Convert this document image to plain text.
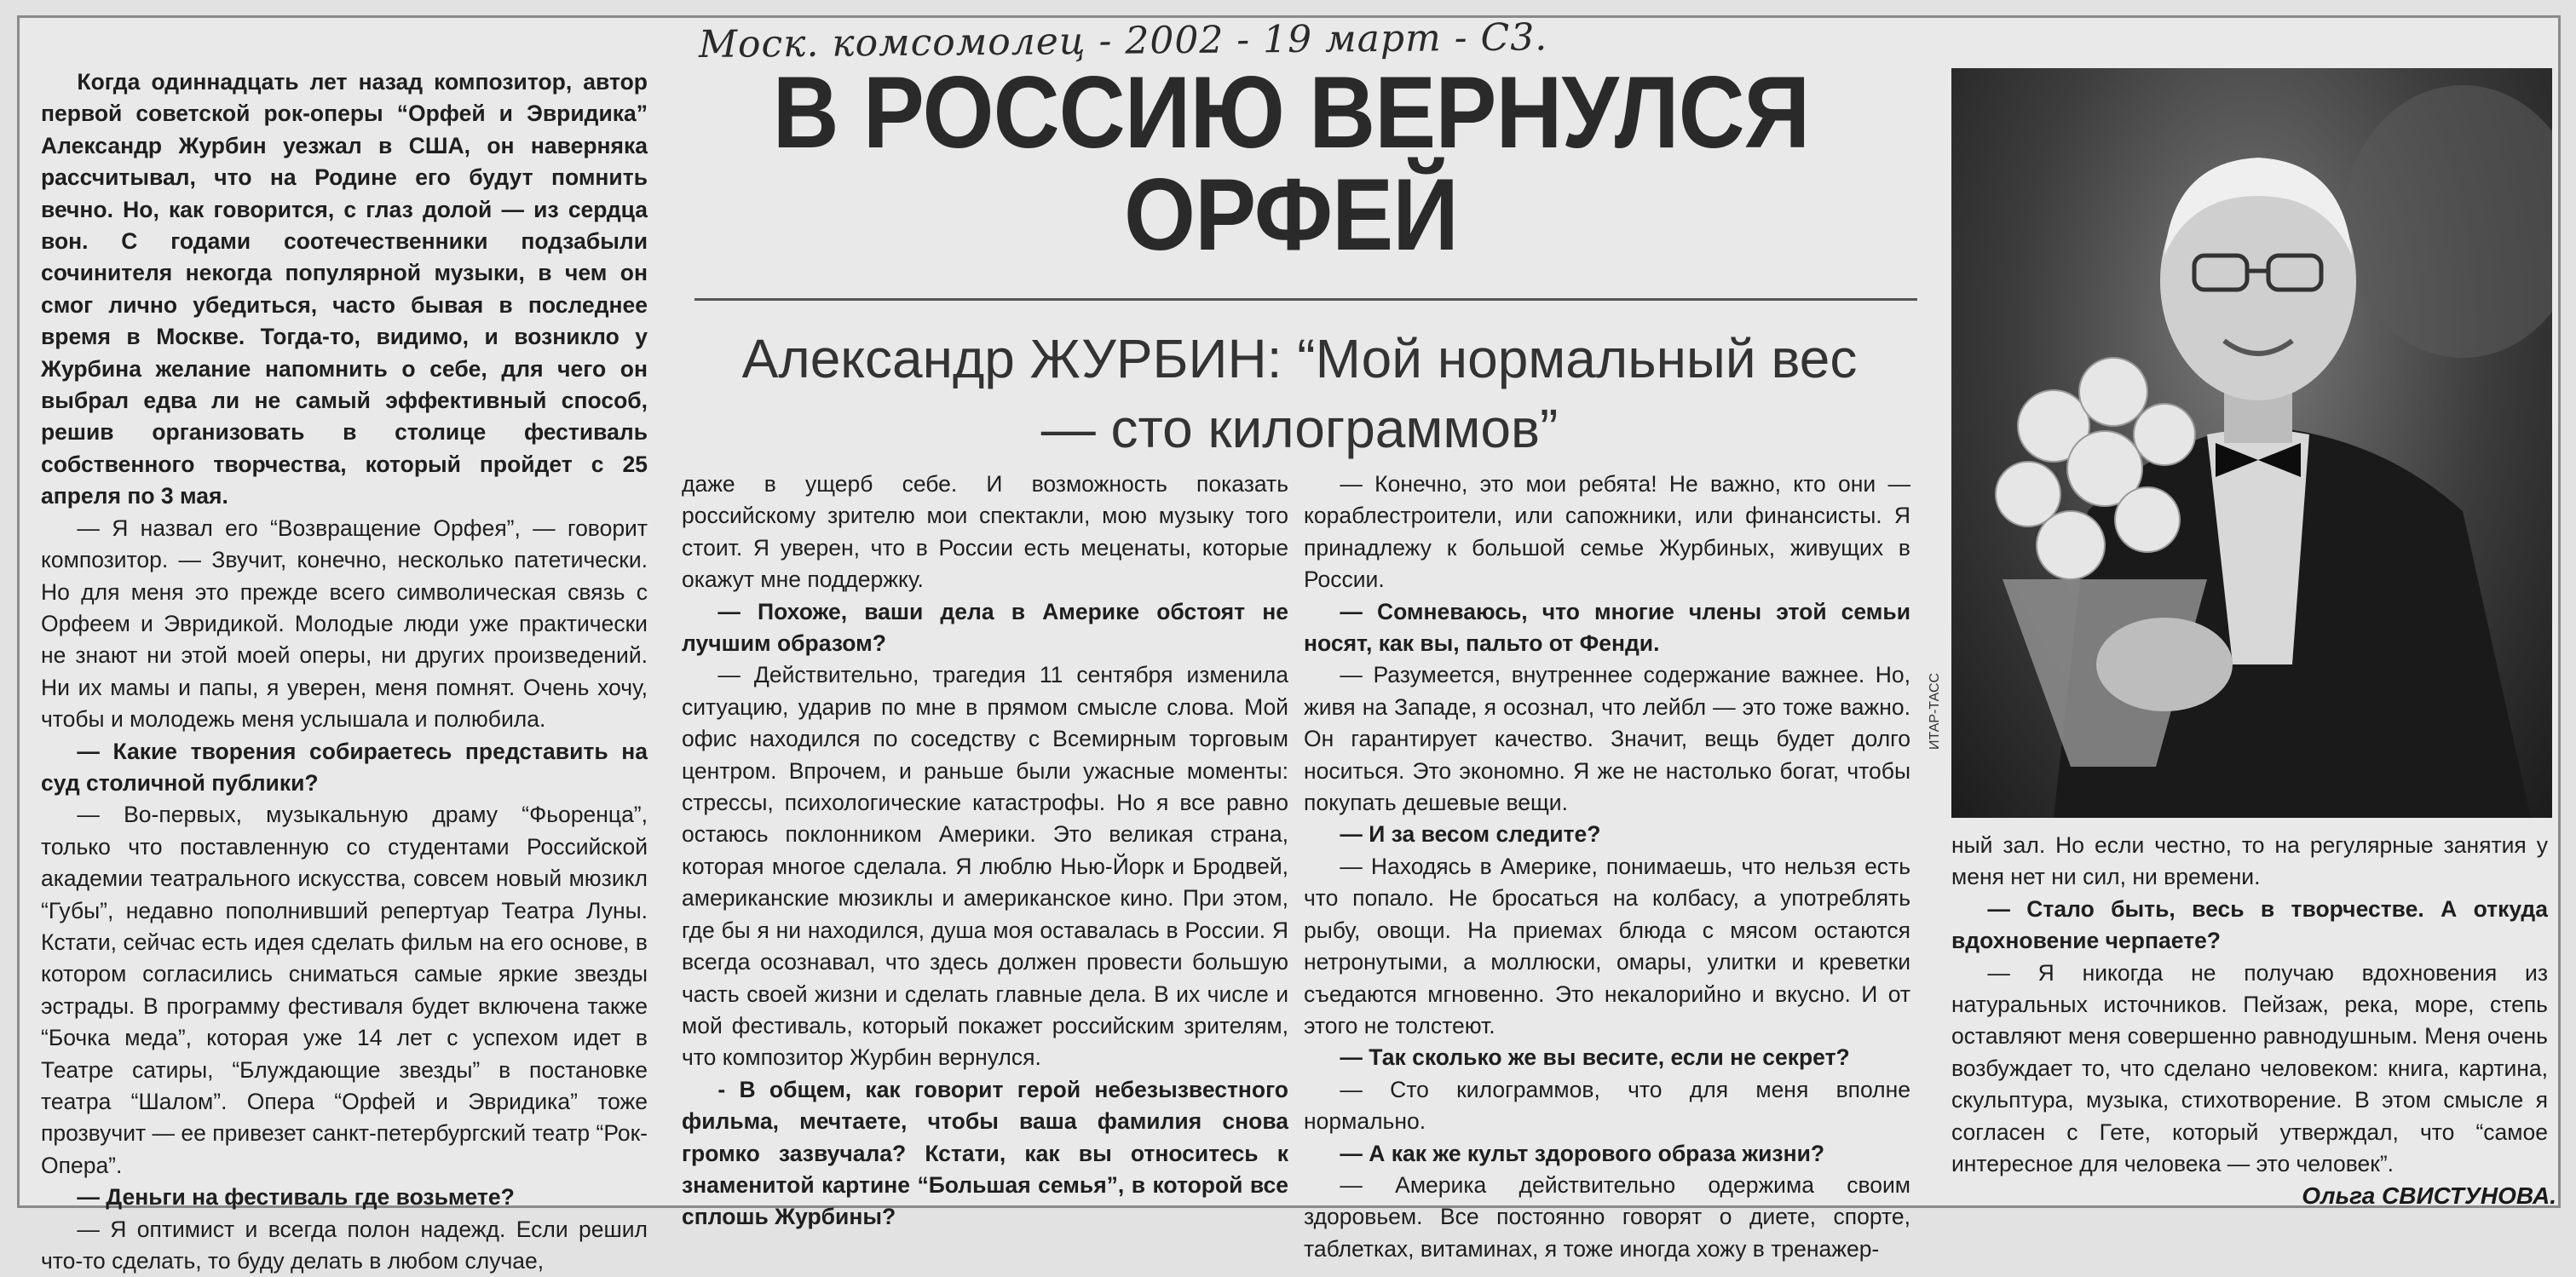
Моск. комсомолец - 2002 - 19 март - С3.

Когда одиннадцать лет назад композитор, автор первой советской рок-оперы “Орфей и Эвридика” Александр Журбин уезжал в США, он наверняка рассчитывал, что на Родине его будут помнить вечно. Но, как говорится, с глаз долой — из сердца вон. С годами соотечественники подзабыли сочинителя некогда популярной музыки, в чем он смог лично убедиться, часто бывая в последнее время в Москве. Тогда-то, видимо, и возникло у Журбина желание напомнить о себе, для чего он выбрал едва ли не самый эффективный способ, решив организовать в столице фестиваль собственного творчества, который пройдет с 25 апреля по 3 мая.

— Я назвал его “Возвращение Орфея”, — говорит композитор. — Звучит, конечно, несколько патетически. Но для меня это прежде всего символическая связь с Орфеем и Эвридикой. Молодые люди уже практически не знают ни этой моей оперы, ни других произведений. Ни их мамы и папы, я уверен, меня помнят. Очень хочу, чтобы и молодежь меня услышала и полюбила.

— Какие творения собираетесь представить на суд столичной публики?

— Во-первых, музыкальную драму “Фьоренца”, только что поставленную со студентами Российской академии театрального искусства, совсем новый мюзикл “Губы”, недавно пополнивший репертуар Театра Луны. Кстати, сейчас есть идея сделать фильм на его основе, в котором согласились сниматься самые яркие звезды эстрады. В программу фестиваля будет включена также “Бочка меда”, которая уже 14 лет с успехом идет в Театре сатиры, “Блуждающие звезды” в постановке театра “Шалом”. Опера “Орфей и Эвридика” тоже прозвучит — ее привезет санкт-петербургский театр “Рок-Опера”.

— Деньги на фестиваль где возьмете?

— Я оптимист и всегда полон надежд. Если решил что-то сделать, то буду делать в любом случае,

В РОССИЮ ВЕРНУЛСЯ
ОРФЕЙ
Александр ЖУРБИН: “Мой нормальный вес
— сто килограммов”
ИТАР-ТАСС

даже в ущерб себе. И возможность показать российскому зрителю мои спектакли, мою музыку того стоит. Я уверен, что в России есть меценаты, которые окажут мне поддержку.

— Похоже, ваши дела в Америке обстоят не лучшим образом?

— Действительно, трагедия 11 сентября изменила ситуацию, ударив по мне в прямом смысле слова. Мой офис находился по соседству с Всемирным торговым центром. Впрочем, и раньше были ужасные моменты: стрессы, психологические катастрофы. Но я все равно остаюсь поклонником Америки. Это великая страна, которая многое сделала. Я люблю Нью-Йорк и Бродвей, американские мюзиклы и американское кино. При этом, где бы я ни находился, душа моя оставалась в России. Я всегда осознавал, что здесь должен провести большую часть своей жизни и сделать главные дела. В их числе и мой фестиваль, который покажет российским зрителям, что композитор Журбин вернулся.

- В общем, как говорит герой небезызвестного фильма, мечтаете, чтобы ваша фамилия снова громко зазвучала? Кстати, как вы относитесь к знаменитой картине “Большая семья”, в которой все сплошь Журбины?

— Конечно, это мои ребята! Не важно, кто они — кораблестроители, или сапожники, или финансисты. Я принадлежу к большой семье Журбиных, живущих в России.

— Сомневаюсь, что многие члены этой семьи носят, как вы, пальто от Фенди.

— Разумеется, внутреннее содержание важнее. Но, живя на Западе, я осознал, что лейбл — это тоже важно. Он гарантирует качество. Значит, вещь будет долго носиться. Это экономно. Я же не настолько богат, чтобы покупать дешевые вещи.

— И за весом следите?

— Находясь в Америке, понимаешь, что нельзя есть что попало. Не бросаться на колбасу, а употреблять рыбу, овощи. На приемах блюда с мясом остаются нетронутыми, а моллюски, омары, улитки и креветки съедаются мгновенно. Это некалорийно и вкусно. И от этого не толстеют.

— Так сколько же вы весите, если не секрет?

— Сто килограммов, что для меня вполне нормально.

— А как же культ здорового образа жизни?

— Америка действительно одержима своим здоровьем. Все постоянно говорят о диете, спорте, таблетках, витаминах, я тоже иногда хожу в тренажер-

ный зал. Но если честно, то на регулярные занятия у меня нет ни сил, ни времени.

— Стало быть, весь в творчестве. А откуда вдохновение черпаете?

— Я никогда не получаю вдохновения из натуральных источников. Пейзаж, река, море, степь оставляют меня совершенно равнодушным. Меня очень возбуждает то, что сделано человеком: книга, картина, скульптура, музыка, стихотворение. В этом смысле я согласен с Гете, который утверждал, что “самое интересное для человека — это человек”.

Ольга СВИСТУНОВА.
